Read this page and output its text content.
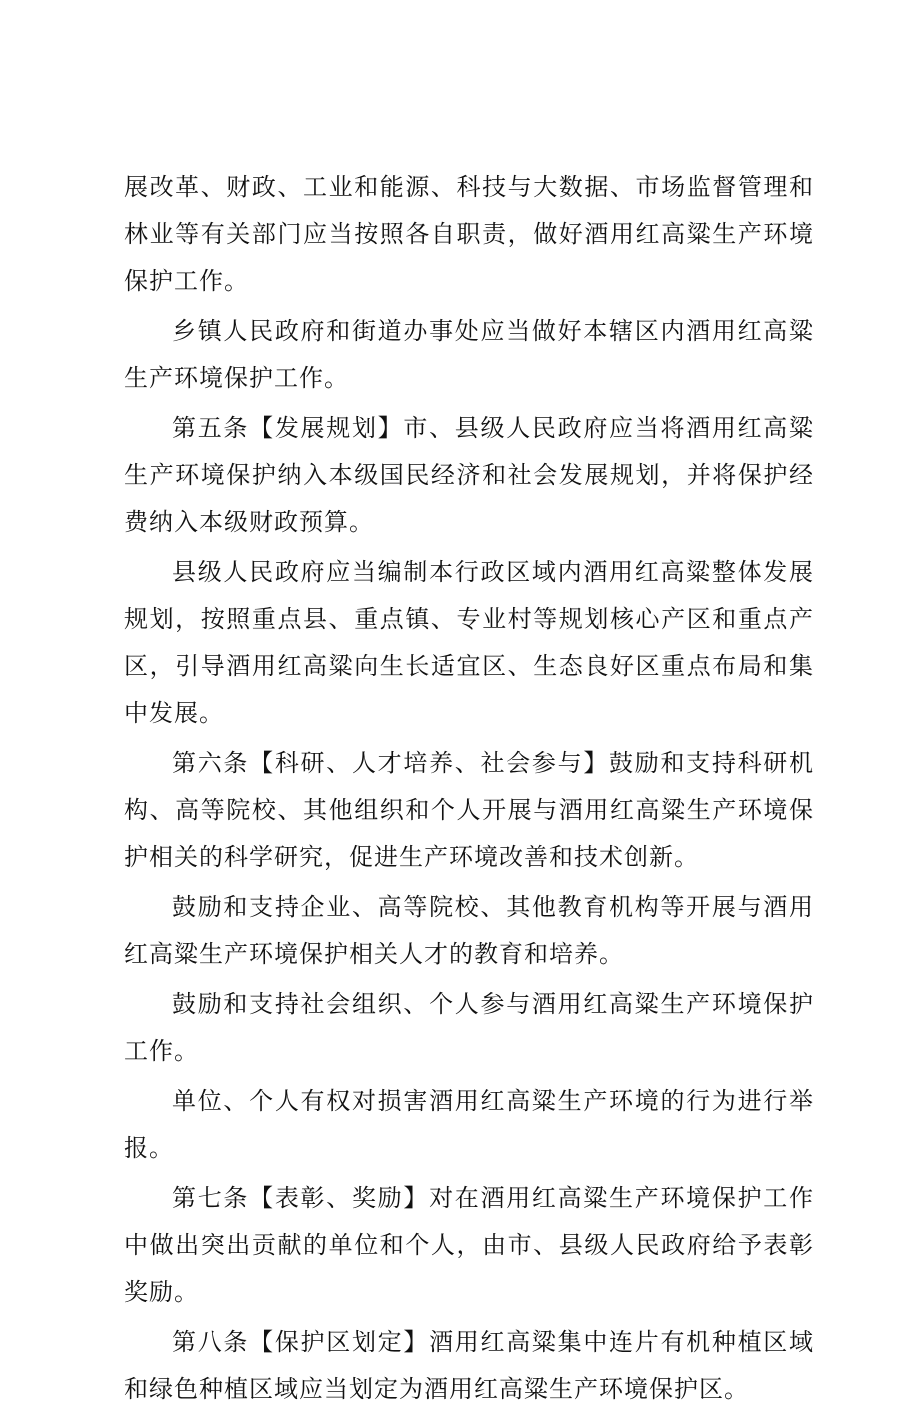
展改革、财政、工业和能源、科技与大数据、市场监督管理和林业等有关部门应当按照各自职责，做好酒用红高粱生产环境保护工作。

乡镇人民政府和街道办事处应当做好本辖区内酒用红高粱生产环境保护工作。

第五条【发展规划】市、县级人民政府应当将酒用红高粱生产环境保护纳入本级国民经济和社会发展规划，并将保护经费纳入本级财政预算。

县级人民政府应当编制本行政区域内酒用红高粱整体发展规划，按照重点县、重点镇、专业村等规划核心产区和重点产区，引导酒用红高粱向生长适宜区、生态良好区重点布局和集中发展。

第六条【科研、人才培养、社会参与】鼓励和支持科研机构、高等院校、其他组织和个人开展与酒用红高粱生产环境保护相关的科学研究，促进生产环境改善和技术创新。

鼓励和支持企业、高等院校、其他教育机构等开展与酒用红高粱生产环境保护相关人才的教育和培养。

鼓励和支持社会组织、个人参与酒用红高粱生产环境保护工作。

单位、个人有权对损害酒用红高粱生产环境的行为进行举报。

第七条【表彰、奖励】对在酒用红高粱生产环境保护工作中做出突出贡献的单位和个人，由市、县级人民政府给予表彰奖励。

第八条【保护区划定】酒用红高粱集中连片有机种植区域和绿色种植区域应当划定为酒用红高粱生产环境保护区。
